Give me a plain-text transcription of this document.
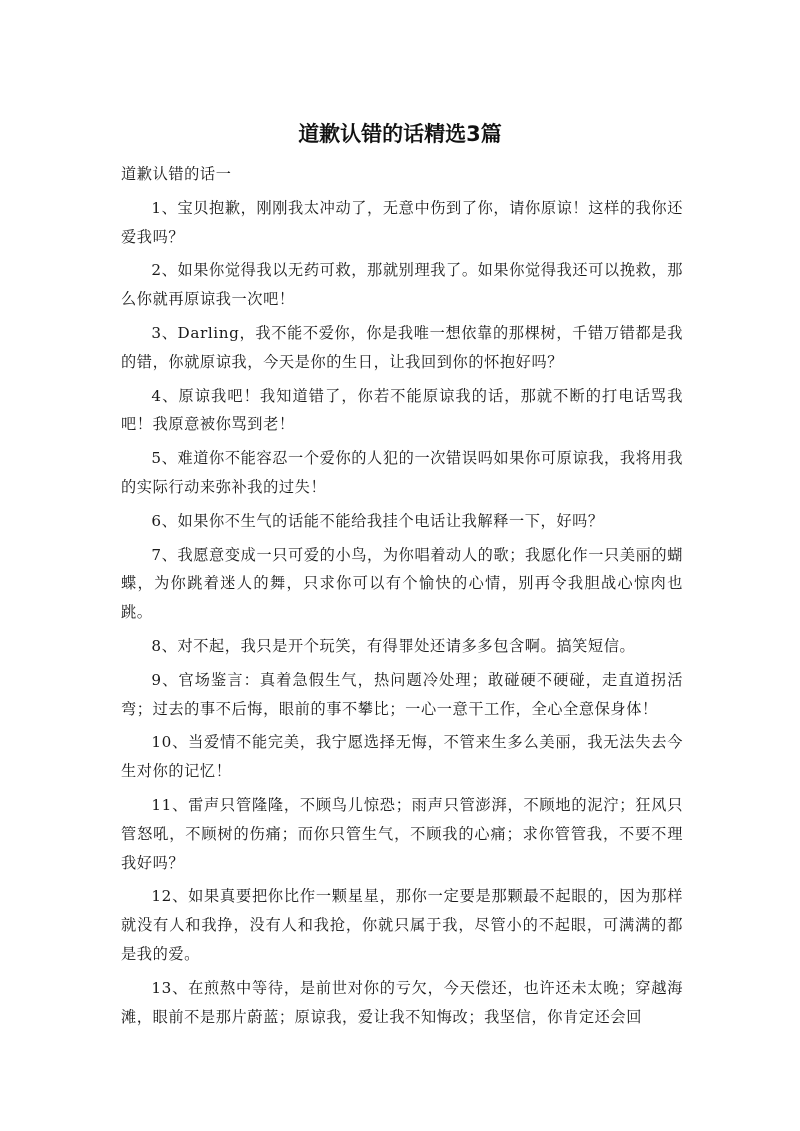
道歉认错的话精选3篇

道歉认错的话一

1、宝贝抱歉，刚刚我太冲动了，无意中伤到了你，请你原谅！这样的我你还爱我吗？

2、如果你觉得我以无药可救，那就别理我了。如果你觉得我还可以挽救，那么你就再原谅我一次吧！

3、Darling，我不能不爱你，你是我唯一想依靠的那棵树，千错万错都是我的错，你就原谅我，今天是你的生日，让我回到你的怀抱好吗？

4、原谅我吧！我知道错了，你若不能原谅我的话，那就不断的打电话骂我吧！我原意被你骂到老！

5、难道你不能容忍一个爱你的人犯的一次错误吗如果你可原谅我，我将用我的实际行动来弥补我的过失！

6、如果你不生气的话能不能给我挂个电话让我解释一下，好吗？

7、我愿意变成一只可爱的小鸟，为你唱着动人的歌；我愿化作一只美丽的蝴蝶，为你跳着迷人的舞，只求你可以有个愉快的心情，别再令我胆战心惊肉也跳。

8、对不起，我只是开个玩笑，有得罪处还请多多包含啊。搞笑短信。

9、官场鉴言：真着急假生气，热问题冷处理；敢碰硬不硬碰，走直道拐活弯；过去的事不后悔，眼前的事不攀比；一心一意干工作，全心全意保身体！

10、当爱情不能完美，我宁愿选择无悔，不管来生多么美丽，我无法失去今生对你的记忆！

11、雷声只管隆隆，不顾鸟儿惊恐；雨声只管澎湃，不顾地的泥泞；狂风只管怒吼，不顾树的伤痛；而你只管生气，不顾我的心痛；求你管管我，不要不理我好吗？

12、如果真要把你比作一颗星星，那你一定要是那颗最不起眼的，因为那样就没有人和我挣，没有人和我抢，你就只属于我，尽管小的不起眼，可满满的都是我的爱。

13、在煎熬中等待，是前世对你的亏欠，今天偿还，也许还未太晚；穿越海滩，眼前不是那片蔚蓝；原谅我，爱让我不知悔改；我坚信，你肯定还会回
